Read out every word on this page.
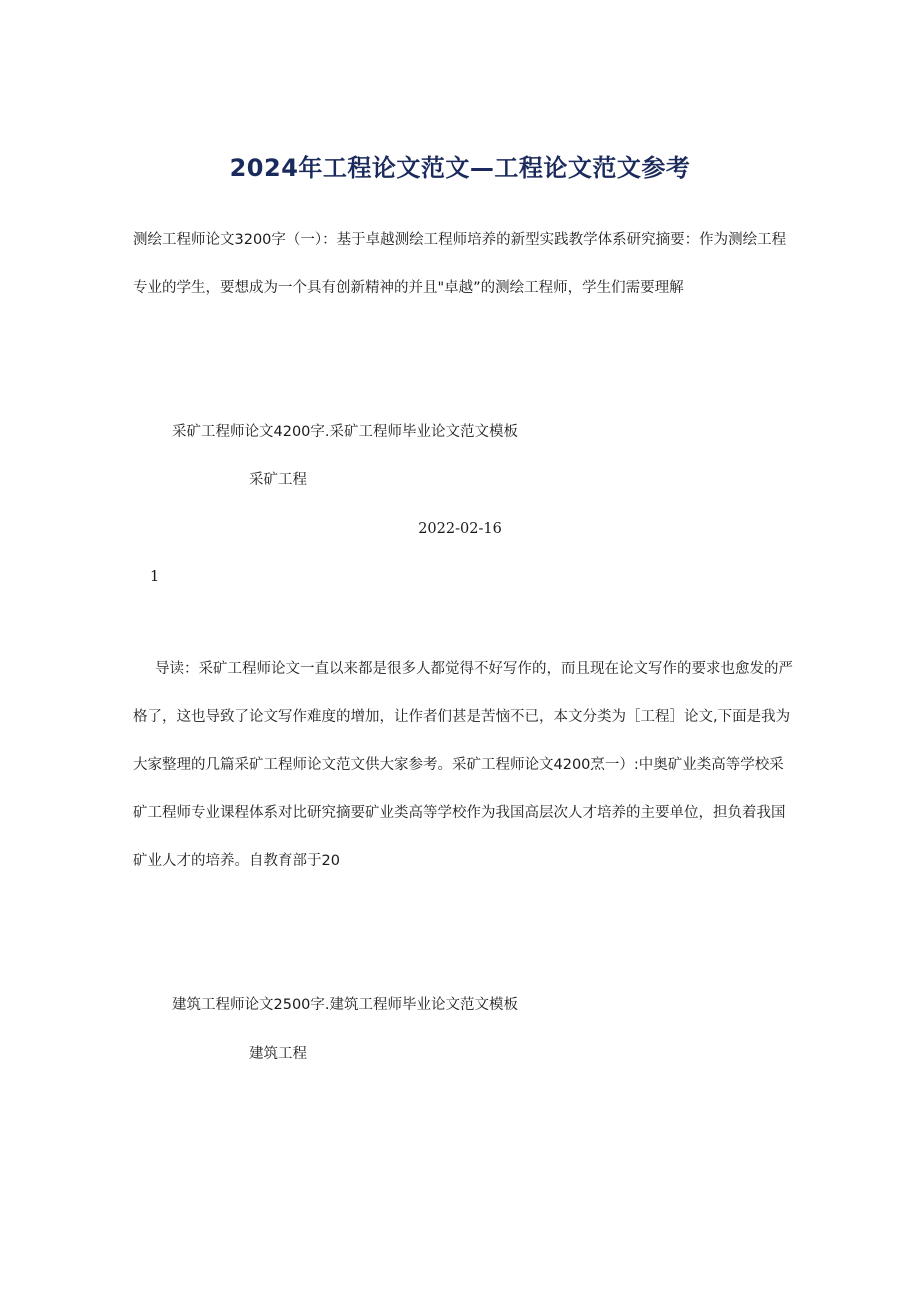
2024年工程论文范文—工程论文范文参考
测绘工程师论文3200字（一）：基于卓越测绘工程师培养的新型实践教学体系研究摘要：作为测绘工程专业的学生，要想成为一个具有创新精神的并且"卓越”的测绘工程师，学生们需要理解
采矿工程师论文4200字.采矿工程师毕业论文范文模板
采矿工程
2022-02-16
1
导读：采矿工程师论文一直以来都是很多人都觉得不好写作的，而且现在论文写作的要求也愈发的严格了，这也导致了论文写作难度的增加，让作者们甚是苦恼不已，本文分类为［工程］论文,下面是我为大家整理的几篇采矿工程师论文范文供大家参考。采矿工程师论文4200烹一）:中奥矿业类高等学校采矿工程师专业课程体系对比研究摘要矿业类高等学校作为我国高层次人才培养的主要单位，担负着我国矿业人才的培养。自教育部于20
建筑工程师论文2500字.建筑工程师毕业论文范文模板
建筑工程
